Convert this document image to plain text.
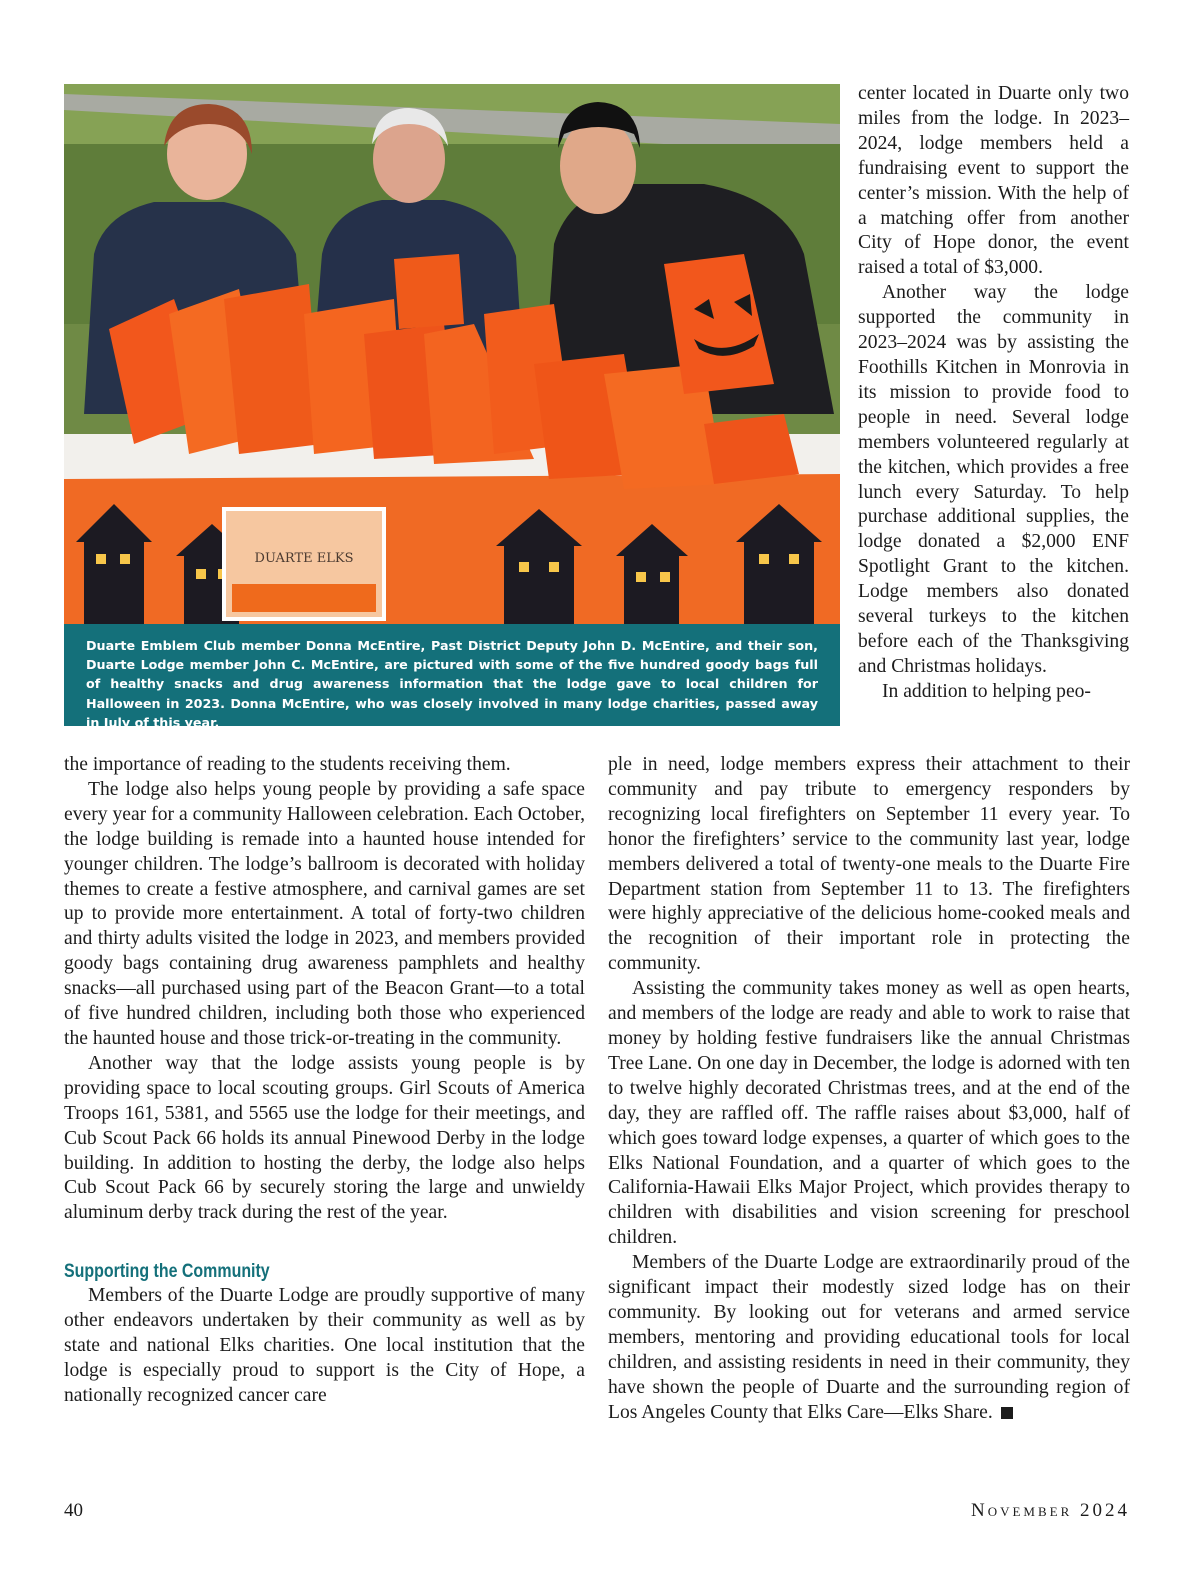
DUARTE ELKS
Duarte Emblem Club member Donna McEntire, Past District Deputy John D. McEntire, and their son, Duarte Lodge member John C. McEntire, are pictured with some of the five hundred goody bags full of healthy snacks and drug awareness information that the lodge gave to local children for Halloween in 2023. Donna McEntire, who was closely involved in many lodge charities, passed away in July of this year.

center located in Duarte only two miles from the lodge. In 2023–2024, lodge members held a fundraising event to support the center’s mission. With the help of a matching offer from another City of Hope donor, the event raised a total of $3,000.

Another way the lodge supported the community in 2023–2024 was by assisting the Foothills Kitchen in Monrovia in its mission to provide food to people in need. Several lodge members volunteered regularly at the kitchen, which provides a free lunch every Saturday. To help purchase additional supplies, the lodge donated a $2,000 ENF Spotlight Grant to the kitchen. Lodge members also donated several turkeys to the kitchen before each of the Thanksgiving and Christmas holidays.

In addition to helping peo-

the importance of reading to the students receiving them.

The lodge also helps young people by providing a safe space every year for a community Halloween celebration. Each October, the lodge building is remade into a haunted house intended for younger children. The lodge’s ballroom is decorated with holiday themes to create a festive atmosphere, and carnival games are set up to provide more entertainment. A total of forty-two children and thirty adults visited the lodge in 2023, and members provided goody bags containing drug awareness pamphlets and healthy snacks—all purchased using part of the Beacon Grant—to a total of five hundred children, including both those who experienced the haunted house and those trick-or-treating in the community.

Another way that the lodge assists young people is by providing space to local scouting groups. Girl Scouts of America Troops 161, 5381, and 5565 use the lodge for their meetings, and Cub Scout Pack 66 holds its annual Pinewood Derby in the lodge building. In addition to hosting the derby, the lodge also helps Cub Scout Pack 66 by securely storing the large and unwieldy aluminum derby track during the rest of the year.

Supporting the Community

Members of the Duarte Lodge are proudly supportive of many other endeavors undertaken by their community as well as by state and national Elks charities. One local institution that the lodge is especially proud to support is the City of Hope, a nationally recognized cancer care

ple in need, lodge members express their attachment to their community and pay tribute to emergency responders by recognizing local firefighters on September 11 every year. To honor the firefighters’ service to the community last year, lodge members delivered a total of twenty-one meals to the Duarte Fire Department station from September 11 to 13. The firefighters were highly appreciative of the delicious home-cooked meals and the recognition of their important role in protecting the community.

Assisting the community takes money as well as open hearts, and members of the lodge are ready and able to work to raise that money by holding festive fundraisers like the annual Christmas Tree Lane. On one day in December, the lodge is adorned with ten to twelve highly decorated Christmas trees, and at the end of the day, they are raffled off. The raffle raises about $3,000, half of which goes toward lodge expenses, a quarter of which goes to the Elks National Foundation, and a quarter of which goes to the California-Hawaii Elks Major Project, which provides therapy to children with disabilities and vision screening for preschool children.

Members of the Duarte Lodge are extraordinarily proud of the significant impact their modestly sized lodge has on their community. By looking out for veterans and armed service members, mentoring and providing educational tools for local children, and assisting residents in need in their community, they have shown the people of Duarte and the surrounding region of Los Angeles County that Elks Care—Elks Share.

40	November 2024
